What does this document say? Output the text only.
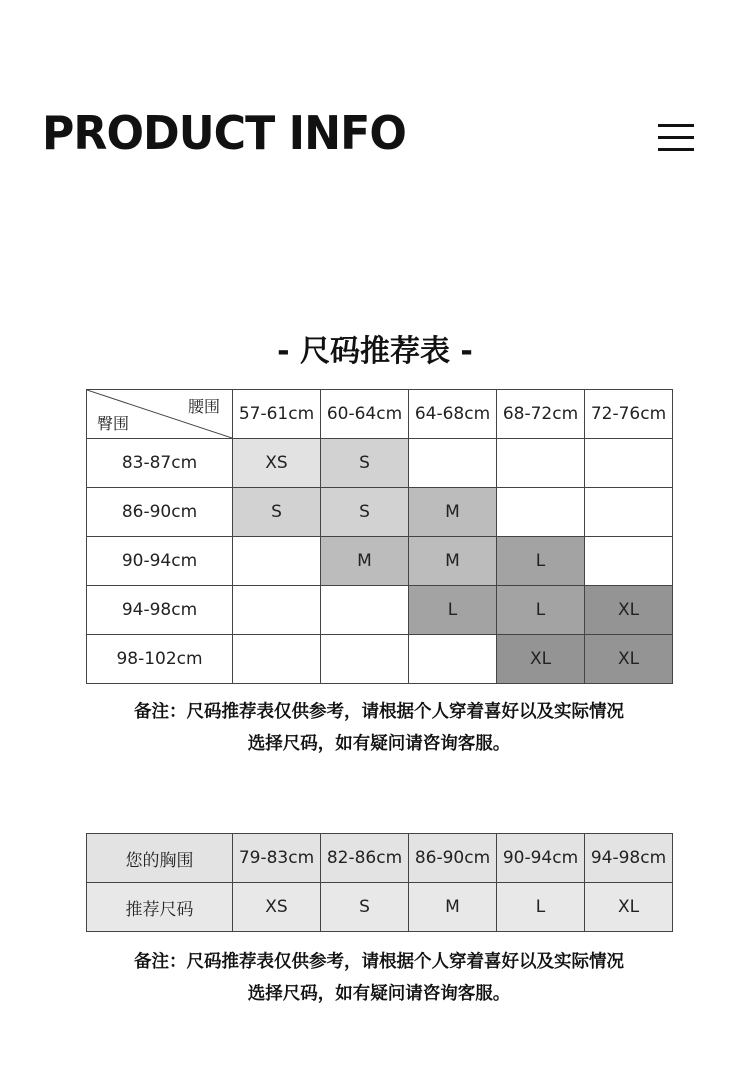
PRODUCT INFO
- 尺码推荐表 -
腰围
臀围	57-61cm	60-64cm	64-68cm	68-72cm	72-76cm
83-87cm	XS	S			
86-90cm	S	S	M		
90-94cm		M	M	L	
94-98cm			L	L	XL
98-102cm				XL	XL
备注：尺码推荐表仅供参考，请根据个人穿着喜好以及实际情况
选择尺码，如有疑问请咨询客服。
您的胸围	79-83cm	82-86cm	86-90cm	90-94cm	94-98cm
推荐尺码	XS	S	M	L	XL
备注：尺码推荐表仅供参考，请根据个人穿着喜好以及实际情况
选择尺码，如有疑问请咨询客服。
